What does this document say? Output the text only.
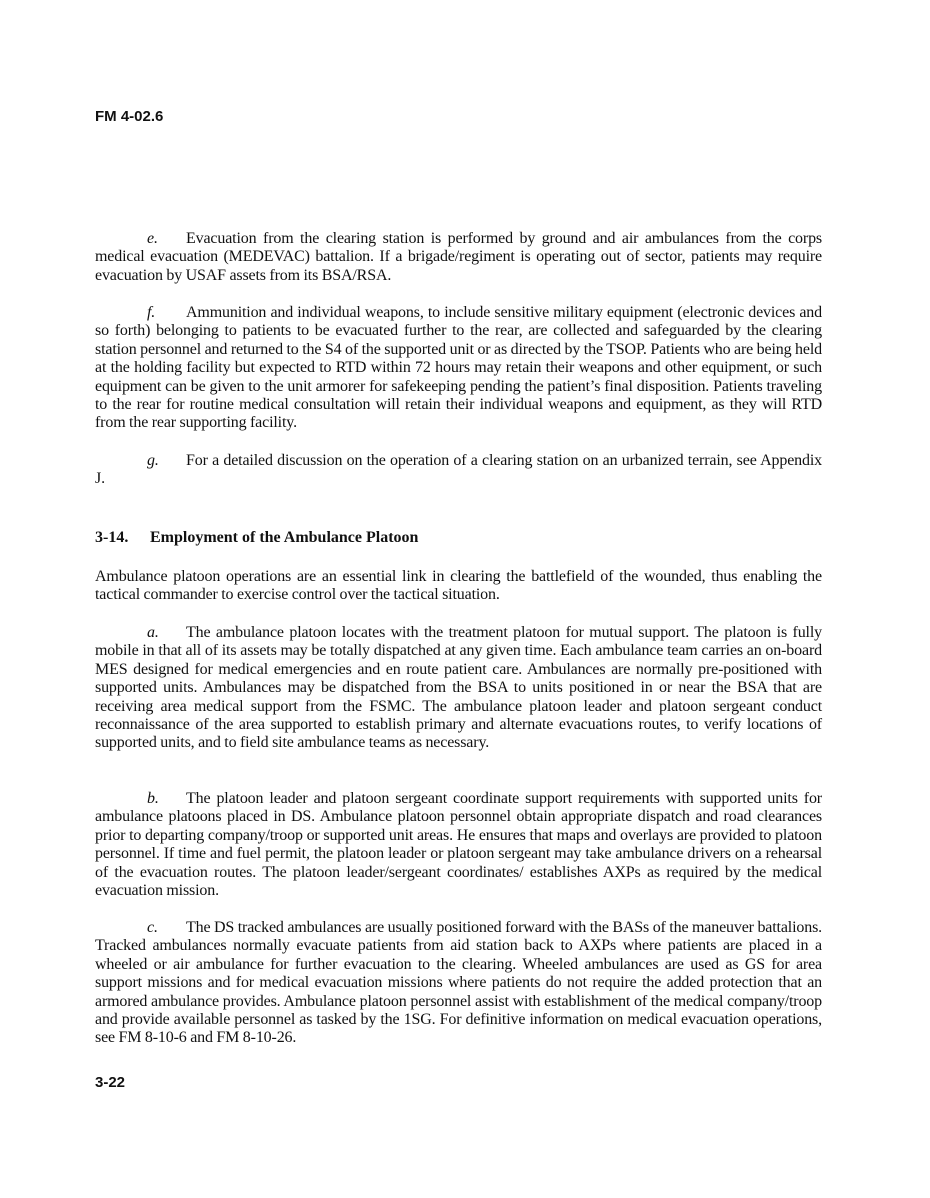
FM 4-02.6
e. Evacuation from the clearing station is performed by ground and air ambulances from the corps medical evacuation (MEDEVAC) battalion. If a brigade/regiment is operating out of sector, patients may require evacuation by USAF assets from its BSA/RSA.
f. Ammunition and individual weapons, to include sensitive military equipment (electronic devices and so forth) belonging to patients to be evacuated further to the rear, are collected and safeguarded by the clearing station personnel and returned to the S4 of the supported unit or as directed by the TSOP. Patients who are being held at the holding facility but expected to RTD within 72 hours may retain their weapons and other equipment, or such equipment can be given to the unit armorer for safekeeping pending the patient’s final disposition. Patients traveling to the rear for routine medical consultation will retain their individual weapons and equipment, as they will RTD from the rear supporting facility.
g. For a detailed discussion on the operation of a clearing station on an urbanized terrain, see Appendix J.
3-14. Employment of the Ambulance Platoon
Ambulance platoon operations are an essential link in clearing the battlefield of the wounded, thus enabling the tactical commander to exercise control over the tactical situation.
a. The ambulance platoon locates with the treatment platoon for mutual support. The platoon is fully mobile in that all of its assets may be totally dispatched at any given time. Each ambulance team carries an on-board MES designed for medical emergencies and en route patient care. Ambulances are normally pre-positioned with supported units. Ambulances may be dispatched from the BSA to units positioned in or near the BSA that are receiving area medical support from the FSMC. The ambulance platoon leader and platoon sergeant conduct reconnaissance of the area supported to establish primary and alternate evacuations routes, to verify locations of supported units, and to field site ambulance teams as necessary.
b. The platoon leader and platoon sergeant coordinate support requirements with supported units for ambulance platoons placed in DS. Ambulance platoon personnel obtain appropriate dispatch and road clearances prior to departing company/troop or supported unit areas. He ensures that maps and overlays are provided to platoon personnel. If time and fuel permit, the platoon leader or platoon sergeant may take ambulance drivers on a rehearsal of the evacuation routes. The platoon leader/sergeant coordinates/ establishes AXPs as required by the medical evacuation mission.
c. The DS tracked ambulances are usually positioned forward with the BASs of the maneuver battalions. Tracked ambulances normally evacuate patients from aid station back to AXPs where patients are placed in a wheeled or air ambulance for further evacuation to the clearing. Wheeled ambulances are used as GS for area support missions and for medical evacuation missions where patients do not require the added protection that an armored ambulance provides. Ambulance platoon personnel assist with establishment of the medical company/troop and provide available personnel as tasked by the 1SG. For definitive information on medical evacuation operations, see FM 8-10-6 and FM 8-10-26.
3-22
